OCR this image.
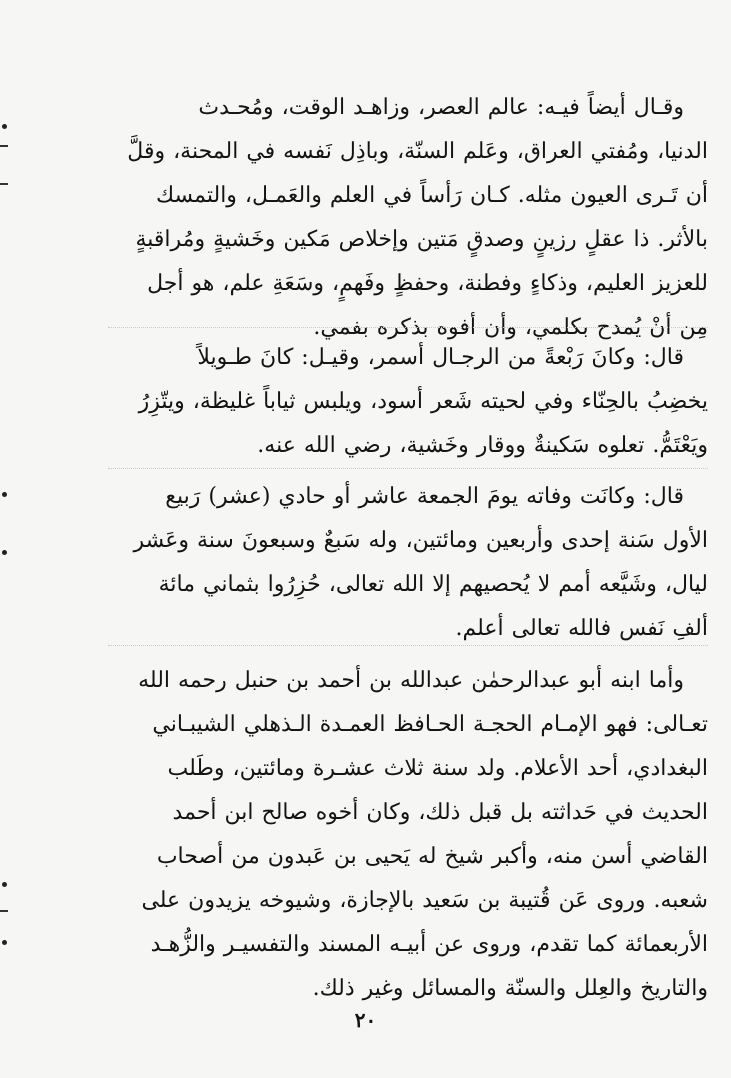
وقـال أيضاً فيـه: عالم العصر، وزاهـد الوقت، ومُحـدث
الدنيا، ومُفتي العراق، وعَلم السنّة، وباذِل نَفسه في المحنة، وقلَّ
أن تَـرى العيون مثله. كـان رَأساً في العلم والعَمـل، والتمسك
بالأثر. ذا عقلٍ رزينٍ وصدقٍ مَتين وإخلاص مَكين وخَشيةٍ ومُراقبةٍ
للعزيز العليم، وذكاءٍ وفطنة، وحفظٍ وفَهمٍ، وسَعَةِ علم، هو أجل
مِن أنْ يُمدح بكلمي، وأن أفوه بذكره بفمي.
قال: وكانَ رَبْعةً من الرجـال أسمر، وقيـل: كانَ طـويلاً
يخضِبُ بالحِنّاء وفي لحيته شَعر أسود، ويلبس ثياباً غليظة، ويتّزِرُ
ويَعْتَمُّ. تعلوه سَكينةٌ ووقار وخَشية، رضي الله عنه.
قال: وكانَت وفاته يومَ الجمعة عاشر أو حادي (عشر) رَبيع
الأول سَنة إحدى وأربعين ومائتين، وله سَبعٌ وسبعونَ سنة وعَشر
ليال، وشَيَّعه أمم لا يُحصيهم إلا الله تعالى، حُزِرُوا بثماني مائة
ألفِ نَفس فالله تعالى أعلم.
وأما ابنه أبو عبدالرحمٰن عبدالله بن أحمد بن حنبل رحمه الله
تعـالى: فهو الإمـام الحجـة الحـافظ العمـدة الـذهلي الشيبـاني
البغدادي، أحد الأعلام. ولد سنة ثلاث عشـرة ومائتين، وطَلب
الحديث في حَداثته بل قبل ذلك، وكان أخوه صالح ابن أحمد
القاضي أسن منه، وأكبر شيخ له يَحيى بن عَبدون من أصحاب
شعبه. وروى عَن قُتيبة بن سَعيد بالإجازة، وشيوخه يزيدون على
الأربعمائة كما تقدم، وروى عن أبيـه المسند والتفسيـر والزُّهـد
والتاريخ والعِلل والسنّة والمسائل وغير ذلك.
٢٠
